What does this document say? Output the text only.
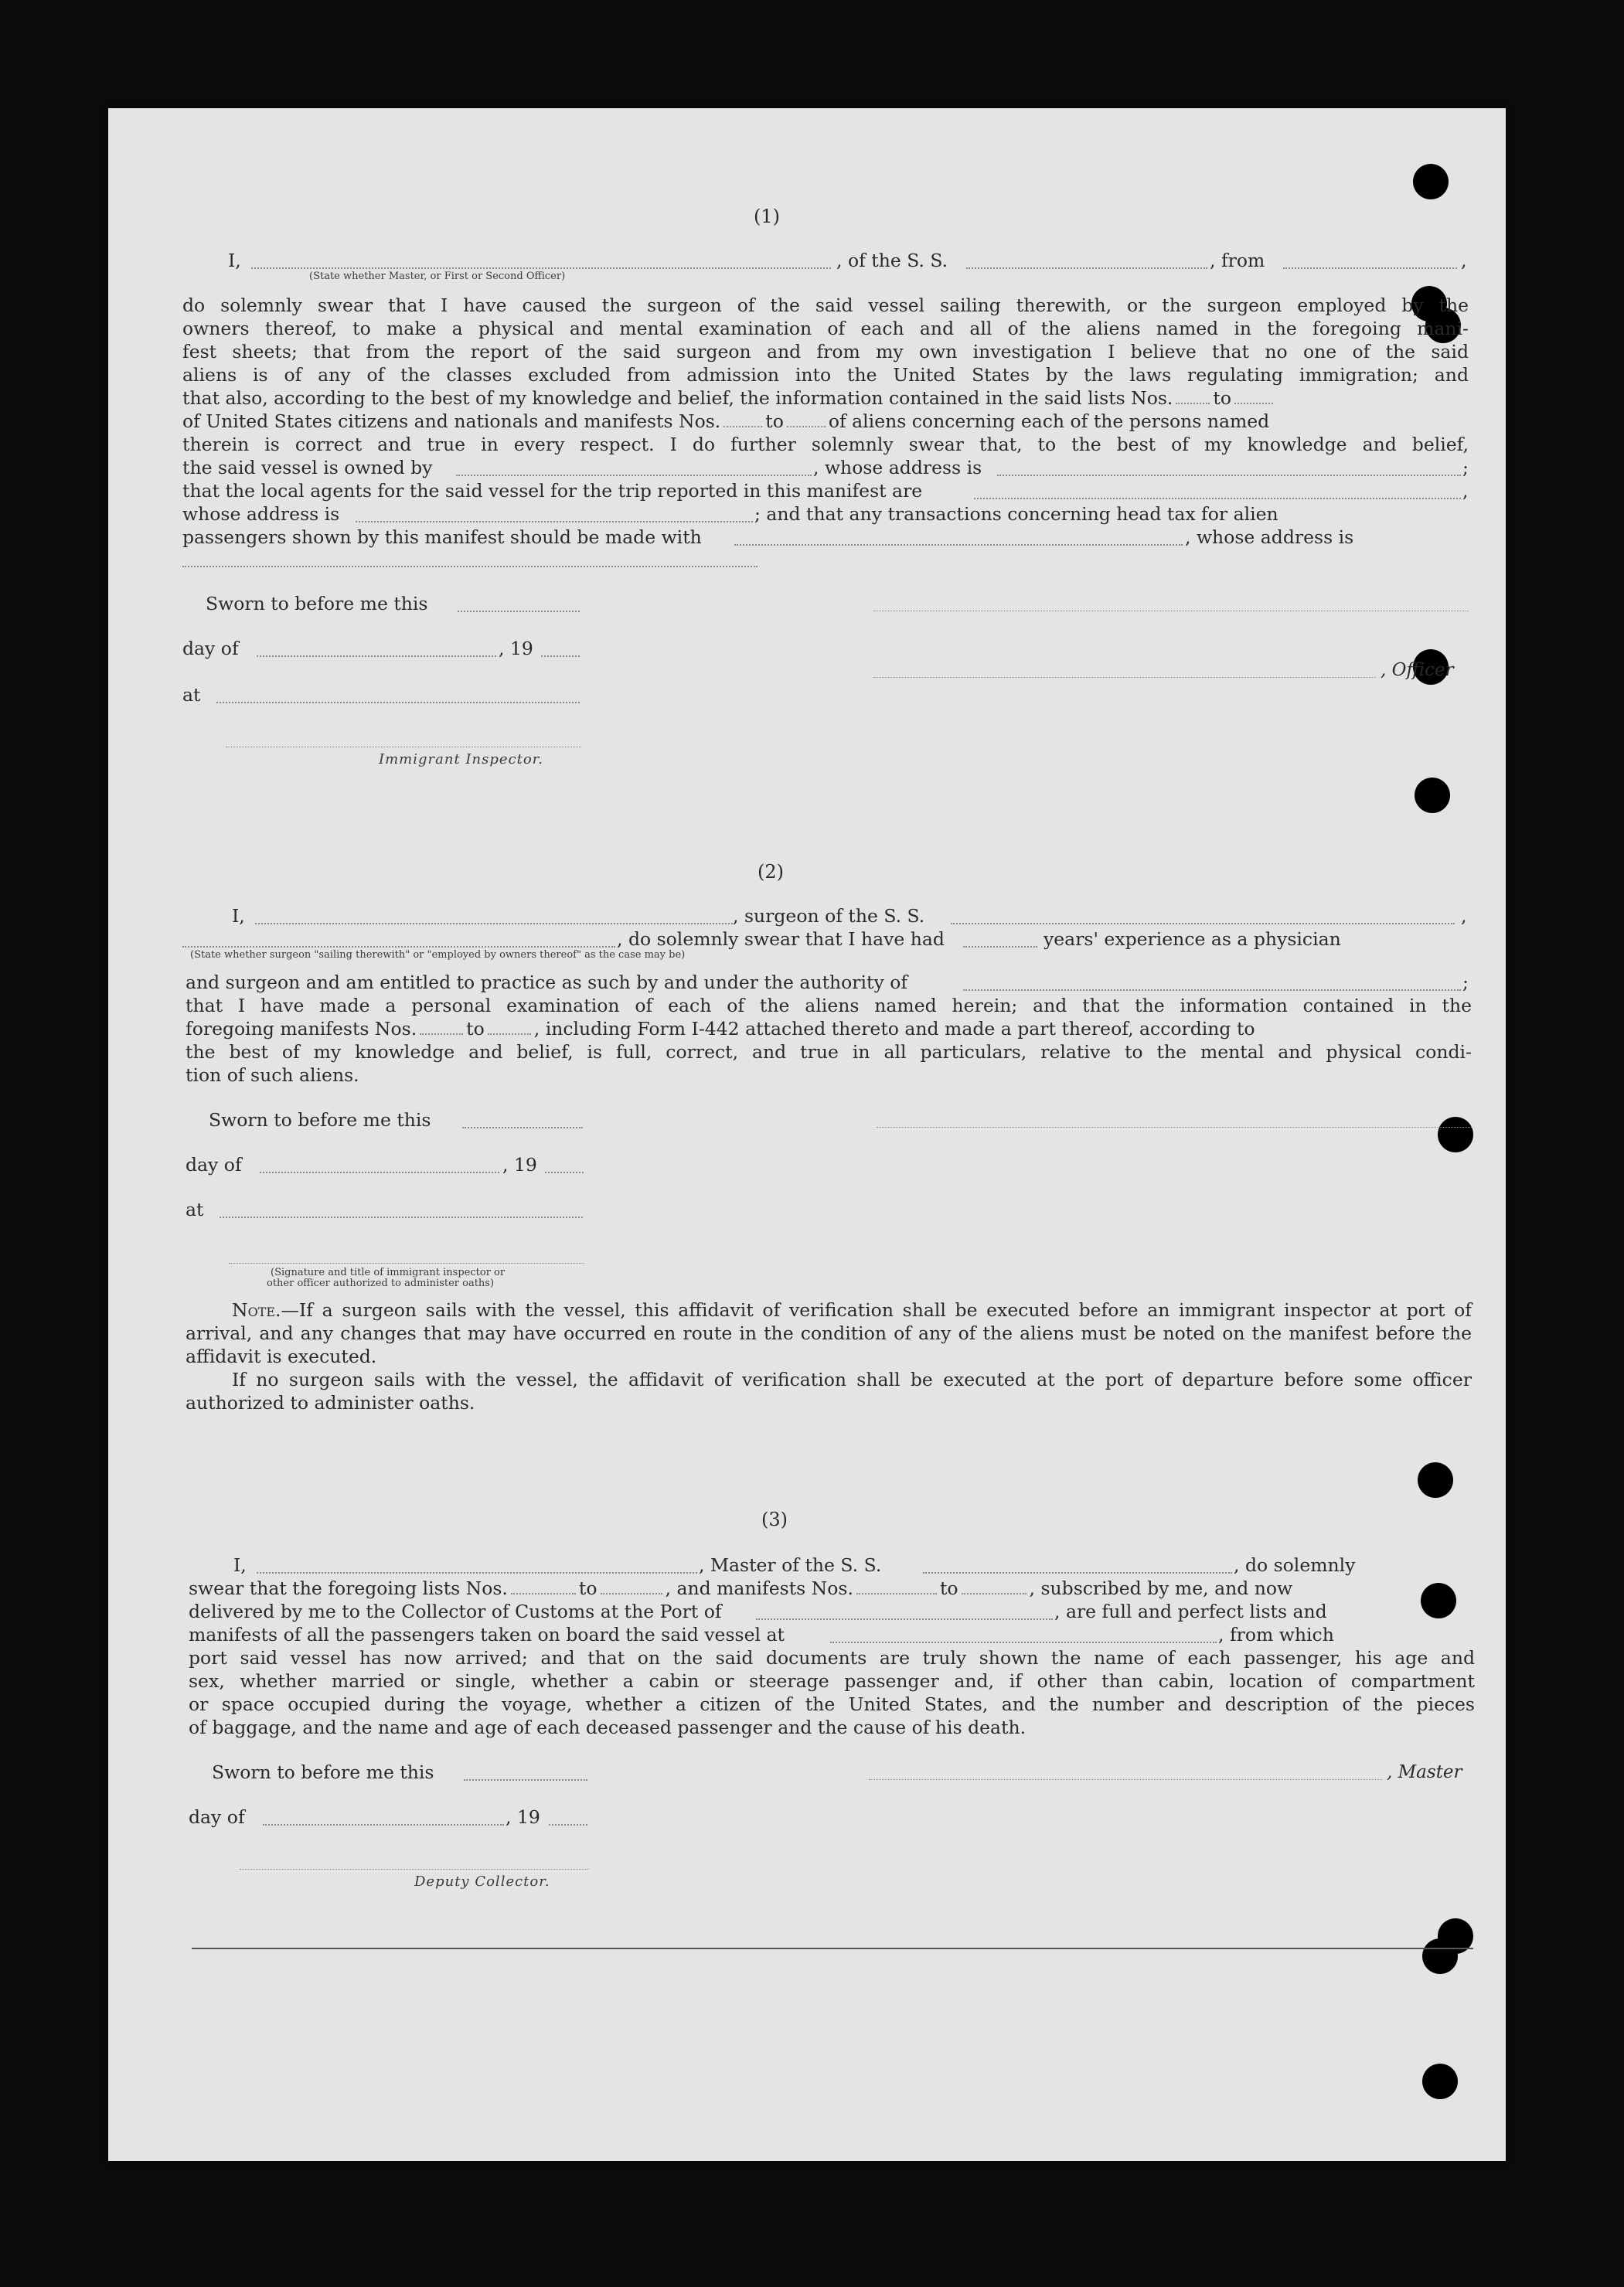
(1)
I,	, of the S. S.	, from	,
(State whether Master, or First or Second Officer)
do solemnly swear that I have caused the surgeon of the said vessel sailing therewith, or the surgeon employed by the
owners thereof, to make a physical and mental examination of each and all of the aliens named in the foregoing mani-
fest sheets; that from the report of the said surgeon and from my own investigation I believe that no one of the said
aliens is of any of the classes excluded from admission into the United States by the laws regulating immigration; and
that also, according to the best of my knowledge and belief, the information contained in the said lists Nos. to
of United States citizens and nationals and manifests Nos. to of aliens concerning each of the persons named
therein is correct and true in every respect. I do further solemnly swear that, to the best of my knowledge and belief,
the said vessel is owned by	, whose address is	;
that the local agents for the said vessel for the trip reported in this manifest are	,
whose address is	; and that any transactions concerning head tax for alien
passengers shown by this manifest should be made with	, whose address is
Sworn to before me this
day of	, 19
, Officer
at
Immigrant Inspector.
(2)
I,	, surgeon of the S. S.	,
, do solemnly swear that I have had	years' experience as a physician
(State whether surgeon "sailing therewith" or "employed by owners thereof" as the case may be)
and surgeon and am entitled to practice as such by and under the authority of	;
that I have made a personal examination of each of the aliens named herein; and that the information contained in the
foregoing manifests Nos.	to	, including Form I-442 attached thereto and made a part thereof, according to
the best of my knowledge and belief, is full, correct, and true in all particulars, relative to the mental and physical condi-
tion of such aliens.
Sworn to before me this
day of	, 19
at
(Signature and title of immigrant inspector or
other officer authorized to administer oaths)
Note.—If a surgeon sails with the vessel, this affidavit of verification shall be executed before an immigrant inspector at port of arrival, and any changes that may have occurred en route in the condition of any of the aliens must be noted on the manifest before the affidavit is executed.
If no surgeon sails with the vessel, the affidavit of verification shall be executed at the port of departure before some officer authorized to administer oaths.
(3)
I,	, Master of the S. S.	, do solemnly
swear that the foregoing lists Nos.	to	, and manifests Nos.	to	, subscribed by me, and now
delivered by me to the Collector of Customs at the Port of	, are full and perfect lists and
manifests of all the passengers taken on board the said vessel at	, from which
port said vessel has now arrived; and that on the said documents are truly shown the name of each passenger, his age and
sex, whether married or single, whether a cabin or steerage passenger and, if other than cabin, location of compartment
or space occupied during the voyage, whether a citizen of the United States, and the number and description of the pieces
of baggage, and the name and age of each deceased passenger and the cause of his death.
Sworn to before me this	, Master
day of	, 19
Deputy Collector.
